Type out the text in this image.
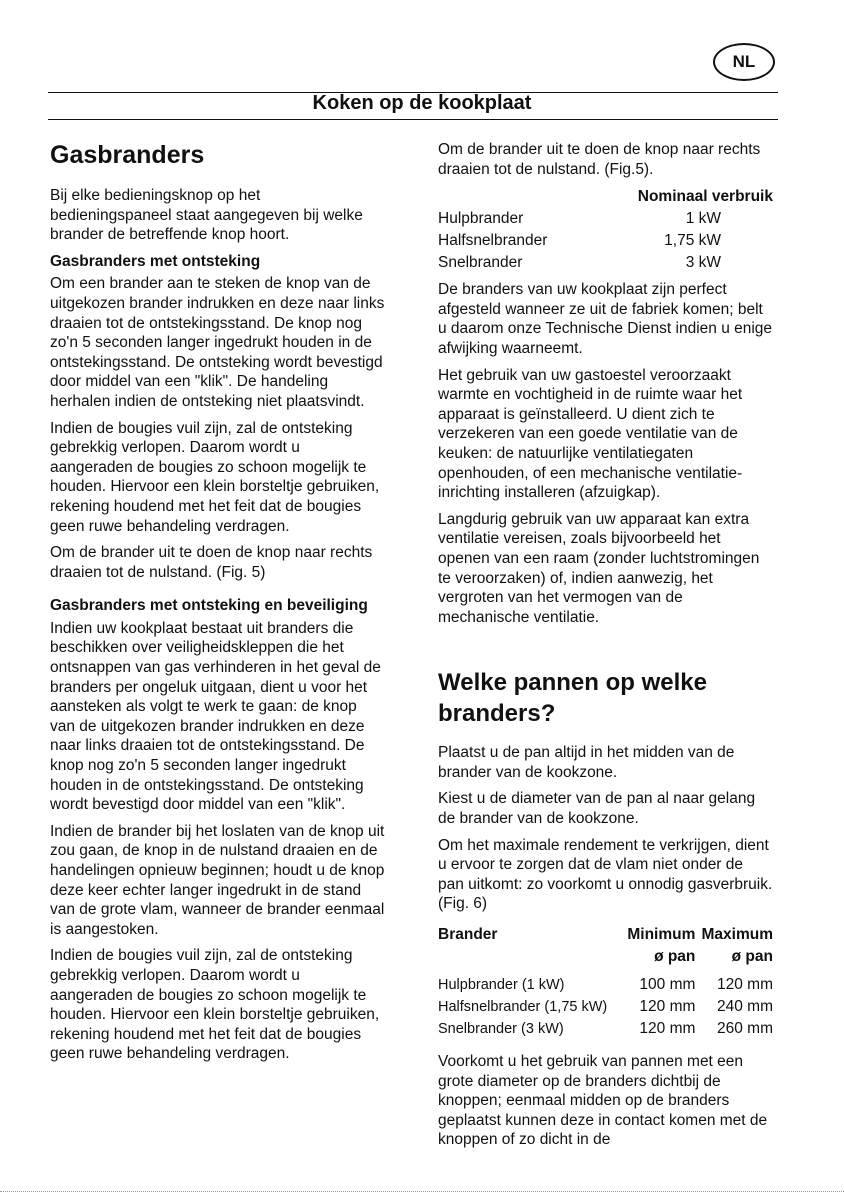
NL
Koken op de kookplaat
Gasbranders

Bij elke bedieningsknop op het bedieningspaneel staat aangegeven bij welke brander de betreffende knop hoort.

Gasbranders met ontsteking

Om een brander aan te steken de knop van de uitgekozen brander indrukken en deze naar links draaien tot de ontstekingsstand. De knop nog zo'n 5 seconden langer ingedrukt houden in de ontstekingsstand. De ontsteking wordt bevestigd door middel van een "klik". De handeling herhalen indien de ontsteking niet plaatsvindt.

Indien de bougies vuil zijn, zal de ontsteking gebrekkig verlopen. Daarom wordt u aangeraden de bougies zo schoon mogelijk te houden. Hiervoor een klein borsteltje gebruiken, rekening houdend met het feit dat de bougies geen ruwe behandeling verdragen.

Om de brander uit te doen de knop naar rechts draaien tot de nulstand. (Fig. 5)

Gasbranders met ontsteking en beveiliging

Indien uw kookplaat bestaat uit branders die beschikken over veiligheidskleppen die het ontsnappen van gas verhinderen in het geval de branders per ongeluk uitgaan, dient u voor het aansteken als volgt te werk te gaan: de knop van de uitgekozen brander indrukken en deze naar links draaien tot de ontstekingsstand. De knop nog zo'n 5 seconden langer ingedrukt houden in de ontstekingsstand. De ontsteking wordt bevestigd door middel van een "klik".

Indien de brander bij het loslaten van de knop uit zou gaan, de knop in de nulstand draaien en de handelingen opnieuw beginnen; houdt u de knop deze keer echter langer ingedrukt in de stand van de grote vlam, wanneer de brander eenmaal is aangestoken.

Indien de bougies vuil zijn, zal de ontsteking gebrekkig verlopen. Daarom wordt u aangeraden de bougies zo schoon mogelijk te houden. Hiervoor een klein borsteltje gebruiken, rekening houdend met het feit dat de bougies geen ruwe behandeling verdragen.

Om de brander uit te doen de knop naar rechts draaien tot de nulstand. (Fig.5).

	Nominaal verbruik
Hulpbrander	1 kW
Halfsnelbrander	1,75 kW
Snelbrander	3 kW

De branders van uw kookplaat zijn perfect afgesteld wanneer ze uit de fabriek komen; belt u daarom onze Technische Dienst indien u enige afwijking waarneemt.

Het gebruik van uw gastoestel veroorzaakt warmte en vochtigheid in de ruimte waar het apparaat is geïnstalleerd. U dient zich te verzekeren van een goede ventilatie van de keuken: de natuurlijke ventilatiegaten openhouden, of een mechanische ventilatie-inrichting installeren (afzuigkap).

Langdurig gebruik van uw apparaat kan extra ventilatie vereisen, zoals bijvoorbeeld het openen van een raam (zonder luchtstromingen te veroorzaken) of, indien aanwezig, het vergroten van het vermogen van de mechanische ventilatie.

Welke pannen op welke branders?

Plaatst u de pan altijd in het midden van de brander van de kookzone.

Kiest u de diameter van de pan al naar gelang de brander van de kookzone.

Om het maximale rendement te verkrijgen, dient u ervoor te zorgen dat de vlam niet onder de pan uitkomt: zo voorkomt u onnodig gasverbruik. (Fig. 6)

Brander	Minimum	Maximum
	ø pan	ø pan

Hulpbrander (1 kW)	100 mm	120 mm
Halfsnelbrander (1,75 kW)	120 mm	240 mm
Snelbrander (3 kW)	120 mm	260 mm

Voorkomt u het gebruik van pannen met een grote diameter op de branders dichtbij de knoppen; eenmaal midden op de branders geplaatst kunnen deze in contact komen met de knoppen of zo dicht in de
